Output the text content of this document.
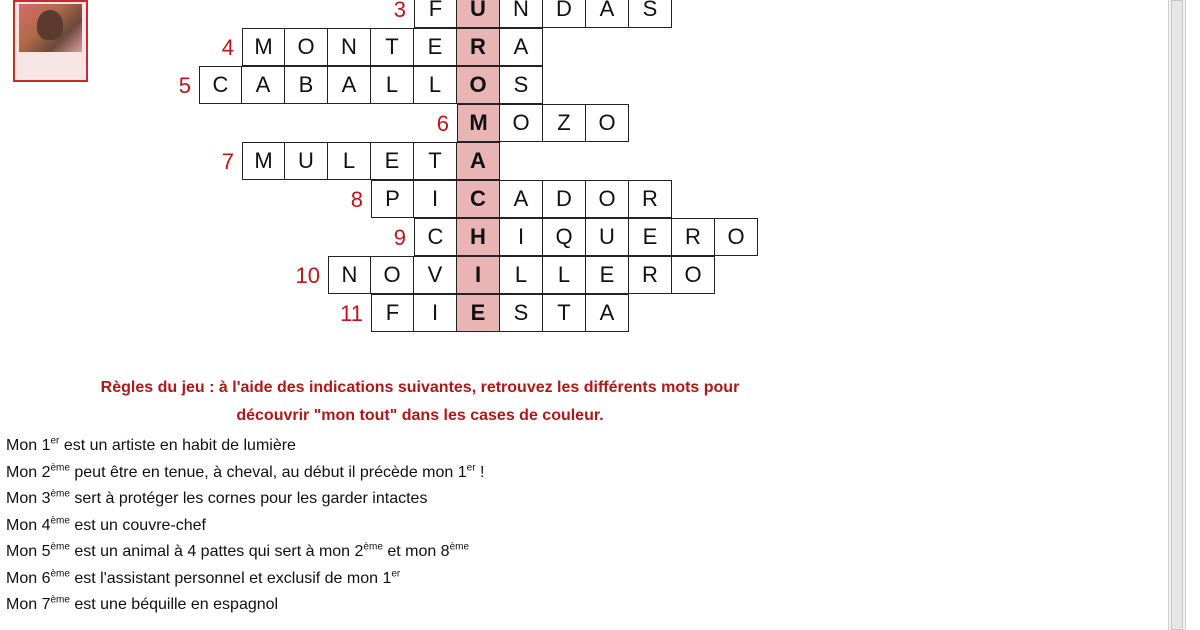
3	F	U	N	D	A	S
4 M	O	N	T	E	R	A
5 C	A	B	A	L	L	O	S
6 M	O	Z	O
7 M	U	L	E	T	A
8	P	I	C	A	D	O	R
9 C	H	I	Q	U	E	R	O
10 N	O	V	I	L	L	E	R	O
11	F	I	E	S	T	A
Règles du jeu : à l'aide des indications suivantes, retrouvez les différents mots pour
découvrir "mon tout" dans les cases de couleur.
Mon 1er est un artiste en habit de lumière
Mon 2ème peut être en tenue, à cheval, au début il précède mon 1er !
Mon 3ème sert à protéger les cornes pour les garder intactes
Mon 4ème est un couvre-chef
Mon 5ème est un animal à 4 pattes qui sert à mon 2ème et mon 8ème
Mon 6ème est l'assistant personnel et exclusif de mon 1er
Mon 7ème est une béquille en espagnol
